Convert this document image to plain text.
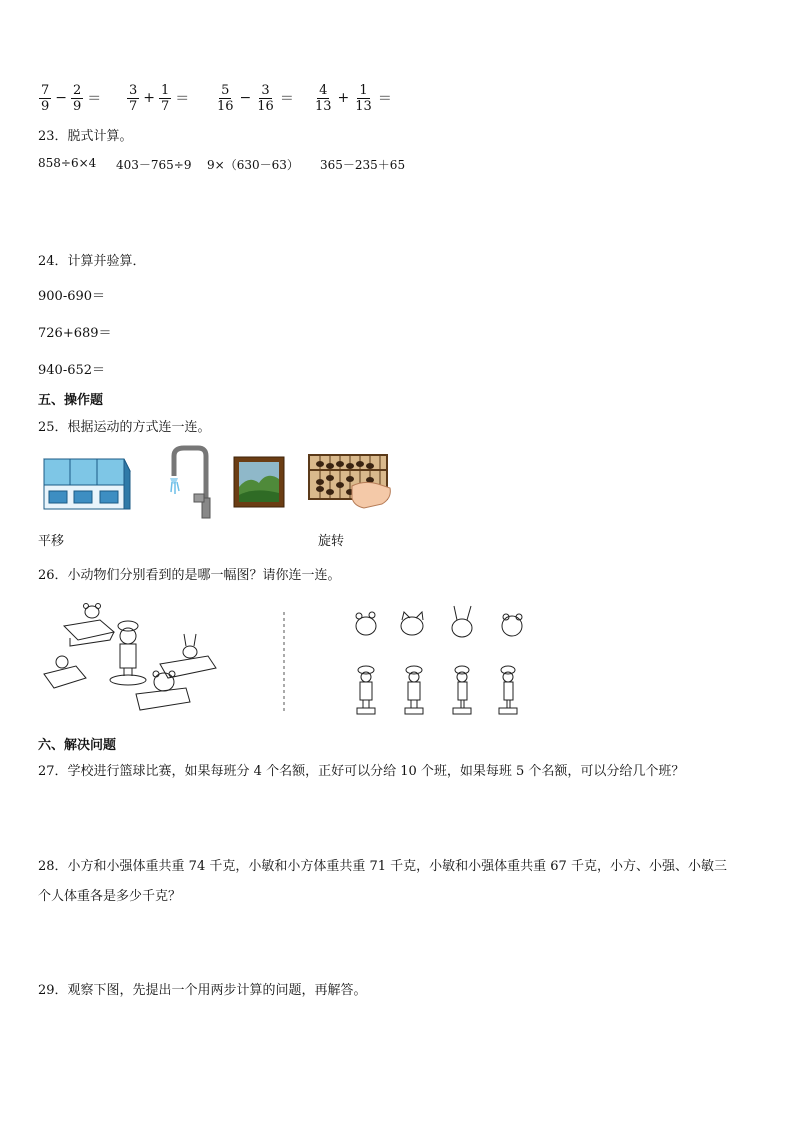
$\frac{7}{9} - \frac{2}{9} = \frac{3}{7} + \frac{1}{7} = \frac{5}{16} - \frac{3}{16} = \frac{4}{13} + \frac{1}{13}$ ＝
23．脱式计算。
858÷6×4 403－765÷9 9×（630－63） 365－235＋65
24．计算并验算．
900-690＝
726+689＝
940-652＝
五、操作题
25．根据运动的方式连一连。
平移	旋转
26．小动物们分别看到的是哪一幅图？请你连一连。
六、解决问题
27．学校进行篮球比赛，如果每班分 4 个名额，正好可以分给 10 个班，如果每班 5 个名额，可以分给几个班？
28．小方和小强体重共重 74 千克，小敏和小方体重共重 71 千克，小敏和小强体重共重 67 千克，小方、小强、小敏三
个人体重各是多少千克？
29．观察下图，先提出一个用两步计算的问题，再解答。
